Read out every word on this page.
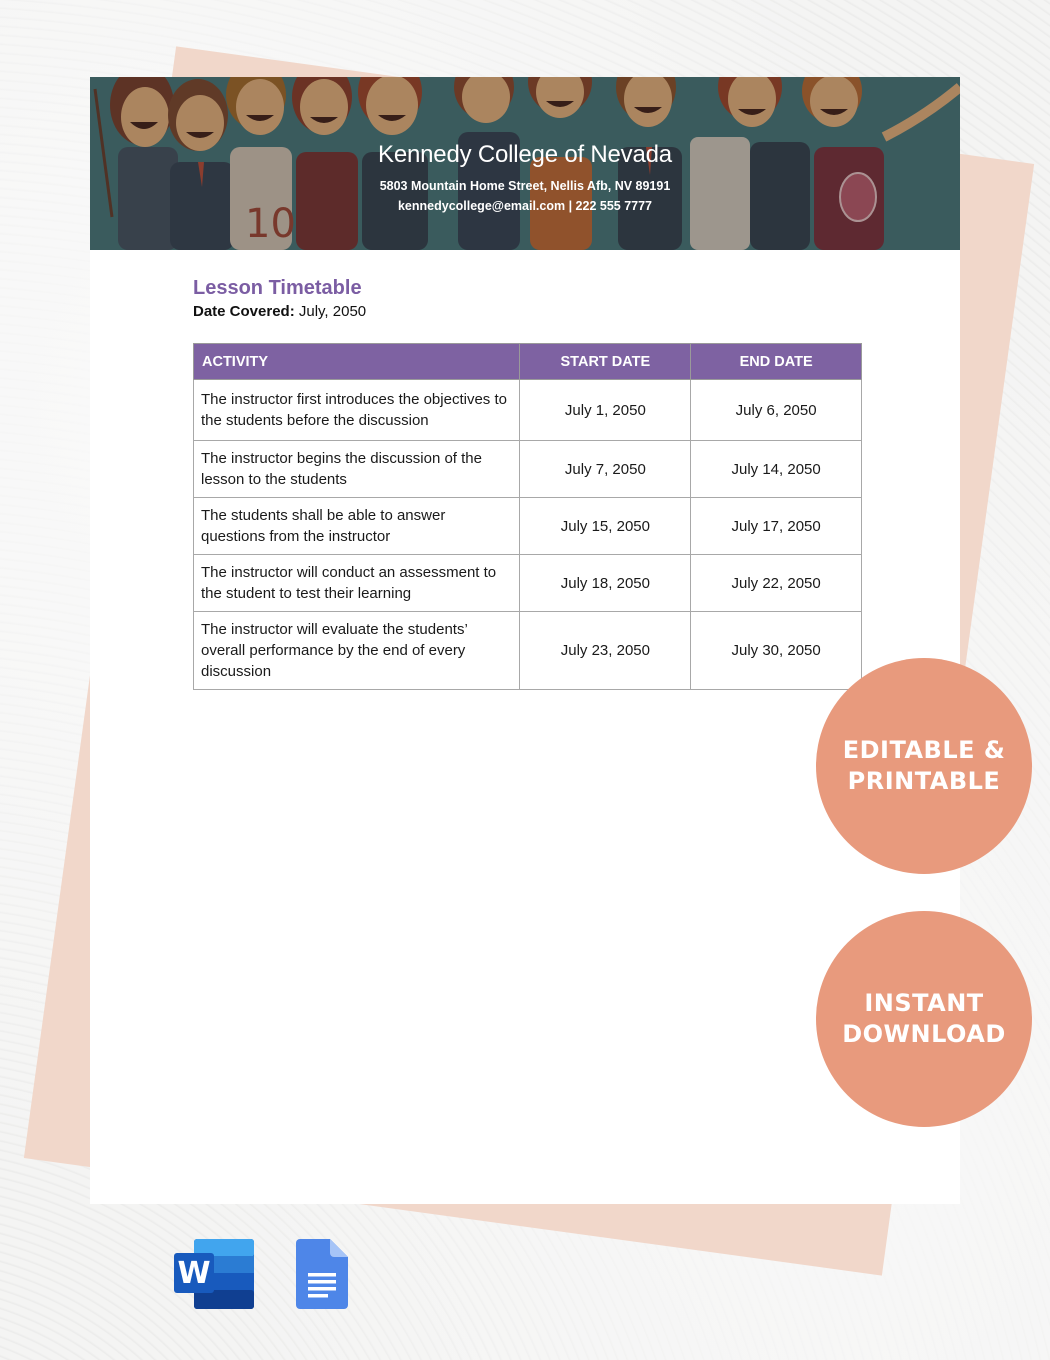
10
Kennedy College of Nevada
5803 Mountain Home Street, Nellis Afb, NV 89191
kennedycollege@email.com | 222 555 7777
Lesson Timetable
Date Covered: July, 2050
ACTIVITY	START DATE	END DATE
The instructor first introduces the objectives to the students before the discussion	July 1, 2050	July 6, 2050
The instructor begins the discussion of the lesson to the students	July 7, 2050	July 14, 2050
The students shall be able to answer questions from the instructor	July 15, 2050	July 17, 2050
The instructor will conduct an assessment to the student to test their learning	July 18, 2050	July 22, 2050
The instructor will evaluate the students’ overall performance by the end of every discussion	July 23, 2050	July 30, 2050
EDITABLE &
PRINTABLE
INSTANT
DOWNLOAD
W
